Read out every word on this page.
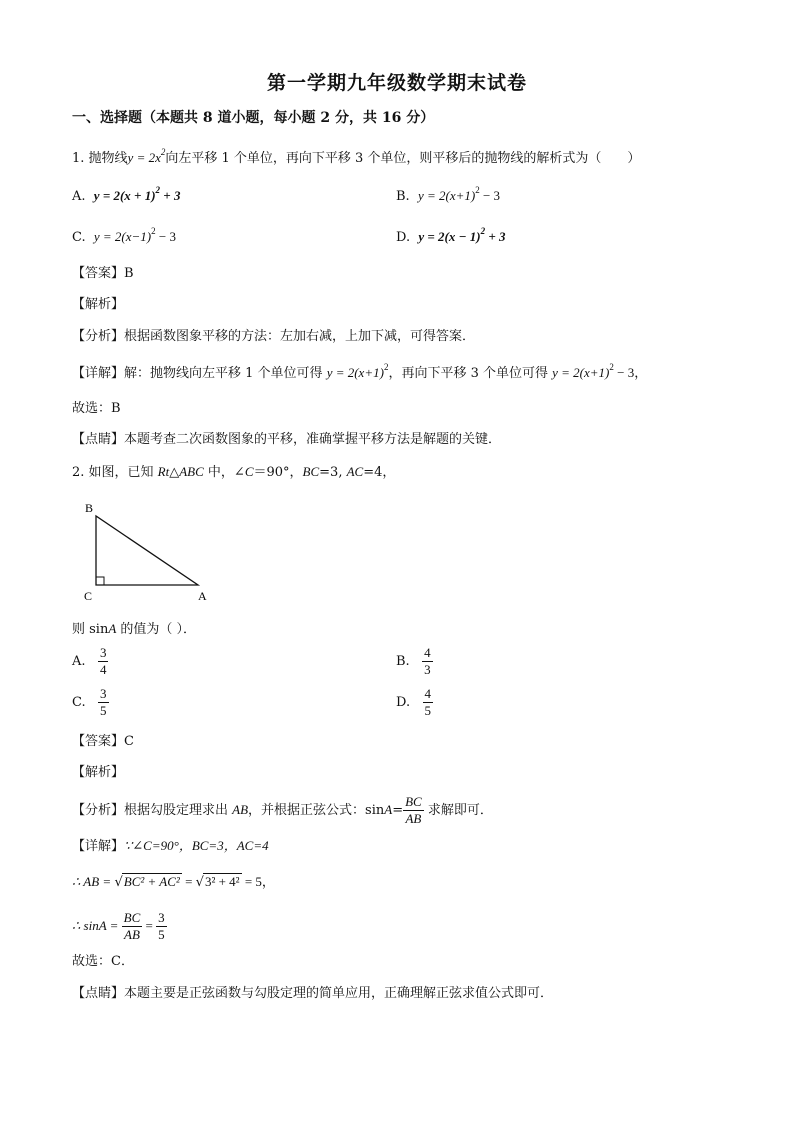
第一学期九年级数学期末试卷
一、选择题（本题共 8 道小题，每小题 2 分，共 16 分）
1. 抛物线$y = 2x^2$向左平移 1 个单位，再向下平移 3 个单位，则平移后的抛物线的解析式为（　　）
A. $y = 2(x + 1)^2 + 3$	B. $y = 2(x+1)^2 - 3$
C. $y = 2(x-1)^2 - 3$	D. $y = 2(x - 1)^2 + 3$
【答案】B
【解析】
【分析】根据函数图象平移的方法：左加右减，上加下减，可得答案．
【详解】解：抛物线向左平移 1 个单位可得 $y = 2(x+1)^2$，再向下平移 3 个单位可得 $y = 2(x+1)^2 - 3$，
故选：B
【点睛】本题考查二次函数图象的平移，准确掌握平移方法是解题的关键．
2. 如图，已知 Rt△ABC 中，∠C＝90°，BC=3, AC=4，
B
C	A
则 sinA 的值为（ ）．
A. $\frac{3}{4}$	B. $\frac{4}{3}$
C. $\frac{3}{5}$	D. $\frac{4}{5}$
【答案】C
【解析】
【分析】根据勾股定理求出 AB，并根据正弦公式：$\sin A= \frac{BC}{AB}$ 求解即可．
【详解】∵∠C=90°，BC=3，AC=4
∴ AB = √BC² + AC² = √3² + 4² = 5，
∴ $\sin A = \frac{BC}{AB} = \frac{3}{5}$
故选：C．
【点睛】本题主要是正弦函数与勾股定理的简单应用，正确理解正弦求值公式即可．
